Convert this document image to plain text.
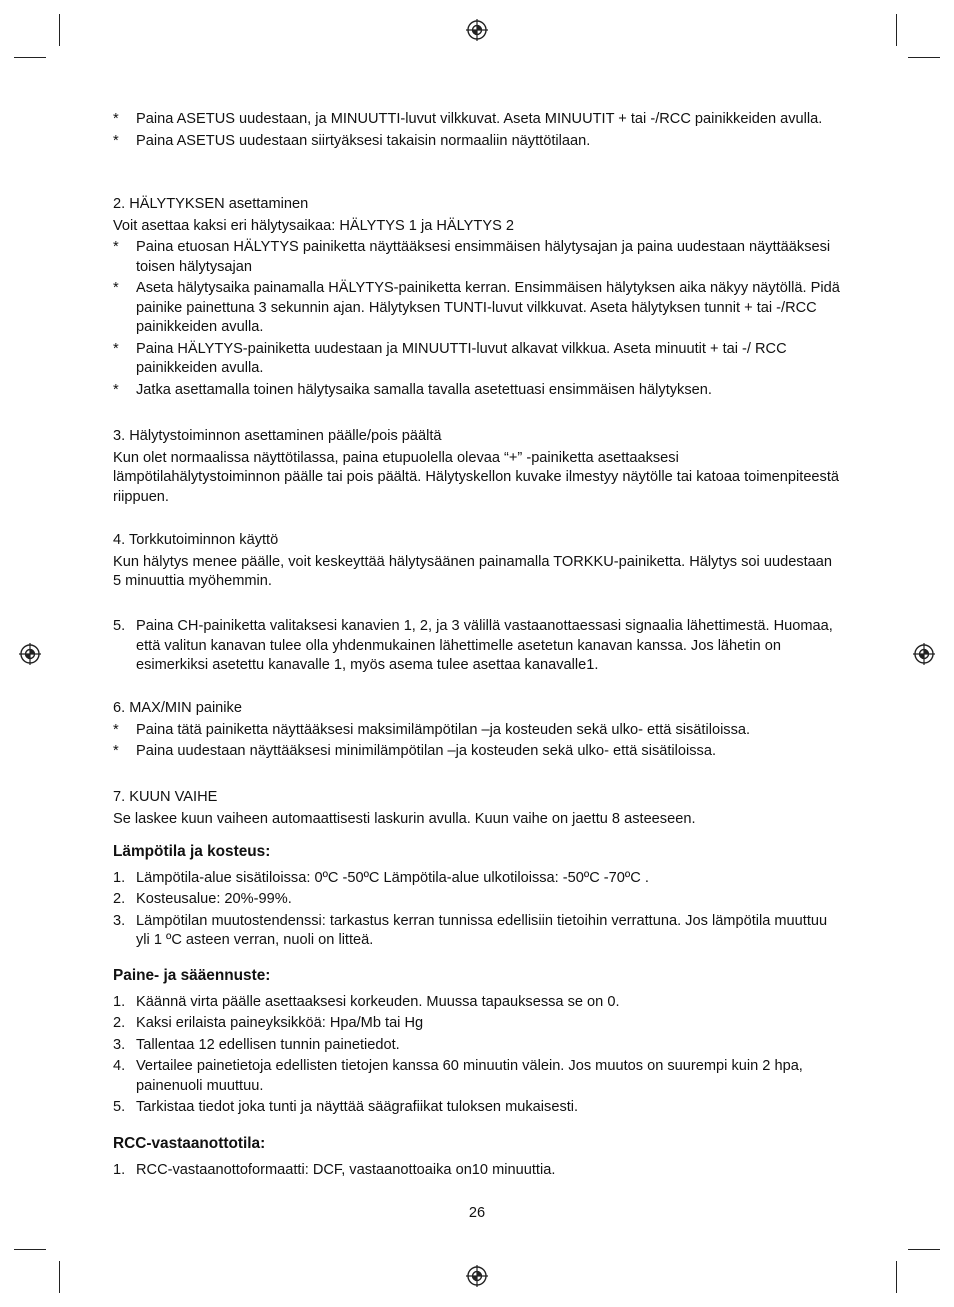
* Paina ASETUS uudestaan, ja MINUUTTI-luvut vilkkuvat. Aseta MINUUTIT + tai -/RCC painikkeiden avulla.
* Paina ASETUS uudestaan siirtyäksesi takaisin normaaliin näyttötilaan.

2. HÄLYTYKSEN asettaminen

Voit asettaa kaksi eri hälytysaikaa: HÄLYTYS 1 ja HÄLYTYS 2

* Paina etuosan HÄLYTYS painiketta näyttääksesi ensimmäisen hälytysajan ja paina uudestaan näyttääksesi toisen hälytysajan
* Aseta hälytysaika painamalla HÄLYTYS-painiketta kerran. Ensimmäisen hälytyksen aika näkyy näytöllä. Pidä painike painettuna 3 sekunnin ajan. Hälytyksen TUNTI-luvut vilkkuvat. Aseta hälytyksen tunnit + tai -/RCC painikkeiden avulla.
* Paina HÄLYTYS-painiketta uudestaan ja MINUUTTI-luvut alkavat vilkkua. Aseta minuutit + tai -/ RCC painikkeiden avulla.
* Jatka asettamalla toinen hälytysaika samalla tavalla asetettuasi ensimmäisen hälytyksen.

3. Hälytystoiminnon asettaminen päälle/pois päältä

Kun olet normaalissa näyttötilassa, paina etupuolella olevaa “+” -painiketta asettaaksesi lämpötilahälytystoiminnon päälle tai pois päältä. Hälytyskellon kuvake ilmestyy näytölle tai katoaa toimenpiteestä riippuen.

4. Torkkutoiminnon käyttö

Kun hälytys menee päälle, voit keskeyttää hälytysäänen painamalla TORKKU-painiketta. Hälytys soi uudestaan 5 minuuttia myöhemmin.

5. Paina CH-painiketta valitaksesi kanavien 1, 2, ja 3 välillä vastaanottaessasi signaalia lähettimestä. Huomaa, että valitun kanavan tulee olla yhdenmukainen lähettimelle asetetun kanavan kanssa. Jos lähetin on esimerkiksi asetettu kanavalle 1, myös asema tulee asettaa kanavalle1.

6. MAX/MIN painike

* Paina tätä painiketta näyttääksesi maksimilämpötilan –ja kosteuden sekä ulko- että sisätiloissa.
* Paina uudestaan näyttääksesi minimilämpötilan –ja kosteuden sekä ulko- että sisätiloissa.

7. KUUN VAIHE

Se laskee kuun vaiheen automaattisesti laskurin avulla. Kuun vaihe on jaettu 8 asteeseen.

Lämpötila ja kosteus:

1. Lämpötila-alue sisätiloissa: 0ºC -50ºC Lämpötila-alue ulkotiloissa: -50ºC -70ºC .
2. Kosteusalue: 20%-99%.
3. Lämpötilan muutostendenssi: tarkastus kerran tunnissa edellisiin tietoihin verrattuna. Jos lämpötila muuttuu yli 1 ºC asteen verran, nuoli on litteä.

Paine- ja sääennuste:

1. Käännä virta päälle asettaaksesi korkeuden. Muussa tapauksessa se on 0.
2. Kaksi erilaista paineyksikköä: Hpa/Mb tai Hg
3. Tallentaa 12 edellisen tunnin painetiedot.
4. Vertailee painetietoja edellisten tietojen kanssa 60 minuutin välein. Jos muutos on suurempi kuin 2 hpa, painenuoli muuttuu.
5. Tarkistaa tiedot joka tunti ja näyttää säägrafiikat tuloksen mukaisesti.

RCC-vastaanottotila:

1. RCC-vastaanottoformaatti: DCF, vastaanottoaika on10 minuuttia.
26
